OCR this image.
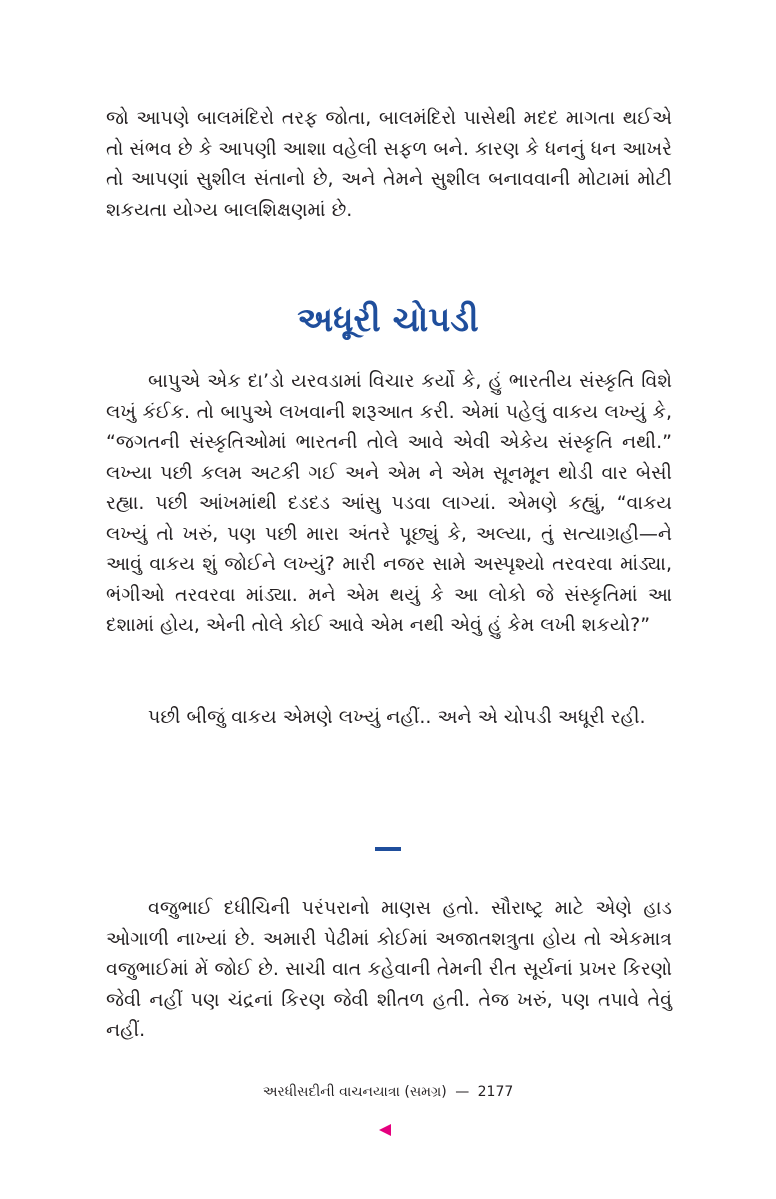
જો આપણે બાલમંદિરો તરફ જોતા, બાલમંદિરો પાસેથી મદદ માગતા થઈએ તો સંભવ છે કે આપણી આશા વહેલી સફળ બને. કારણ કે ધનનું ધન આખરે તો આપણાં સુશીલ સંતાનો છે, અને તેમને સુશીલ બનાવવાની મોટામાં મોટી શકયતા યોગ્ય બાલશિક્ષણમાં છે.

અધૂરી ચોપડી

બાપુએ એક દા’ડો યરવડામાં વિચાર કર્યો કે, હું ભારતીય સંસ્કૃતિ વિશે લખું કંઈક. તો બાપુએ લખવાની શરૂઆત કરી. એમાં પહેલું વાકય લખ્યું કે, “જગતની સંસ્કૃતિઓમાં ભારતની તોલે આવે એવી એકેય સંસ્કૃતિ નથી.” લખ્યા પછી કલમ અટકી ગઈ અને એમ ને એમ સૂનમૂન થોડી વાર બેસી રહ્યા. પછી આંખમાંથી દડદડ આંસુ પડવા લાગ્યાં. એમણે કહ્યું, “વાકય લખ્યું તો ખરું, પણ પછી મારા અંતરે પૂછ્યું કે, અલ્યા, તું સત્યાગ્રહી—ને આવું વાકય શું જોઈને લખ્યું? મારી નજર સામે અસ્પૃશ્યો તરવરવા માંડ્યા, ભંગીઓ તરવરવા માંડ્યા. મને એમ થયું કે આ લોકો જે સંસ્કૃતિમાં આ દશામાં હોય, એની તોલે કોઈ આવે એમ નથી એવું હું કેમ લખી શકયો?”

પછી બીજું વાકય એમણે લખ્યું નહીં.. અને એ ચોપડી અધૂરી રહી.

વજુભાઈ દધીચિની પરંપરાનો માણસ હતો. સૌરાષ્ટ્ર માટે એણે હાડ ઓગાળી નાખ્યાં છે. અમારી પેઢીમાં કોઈમાં અજાતશત્રુતા હોય તો એકમાત્ર વજુભાઈમાં મેં જોઈ છે. સાચી વાત કહેવાની તેમની રીત સૂર્યનાં પ્રખર કિરણો જેવી નહીં પણ ચંદ્રનાં કિરણ જેવી શીતળ હતી. તેજ ખરું, પણ તપાવે તેવું નહીં.

અરધીસદીની વાચનયાત્રા (સમગ્ર) — 2177
